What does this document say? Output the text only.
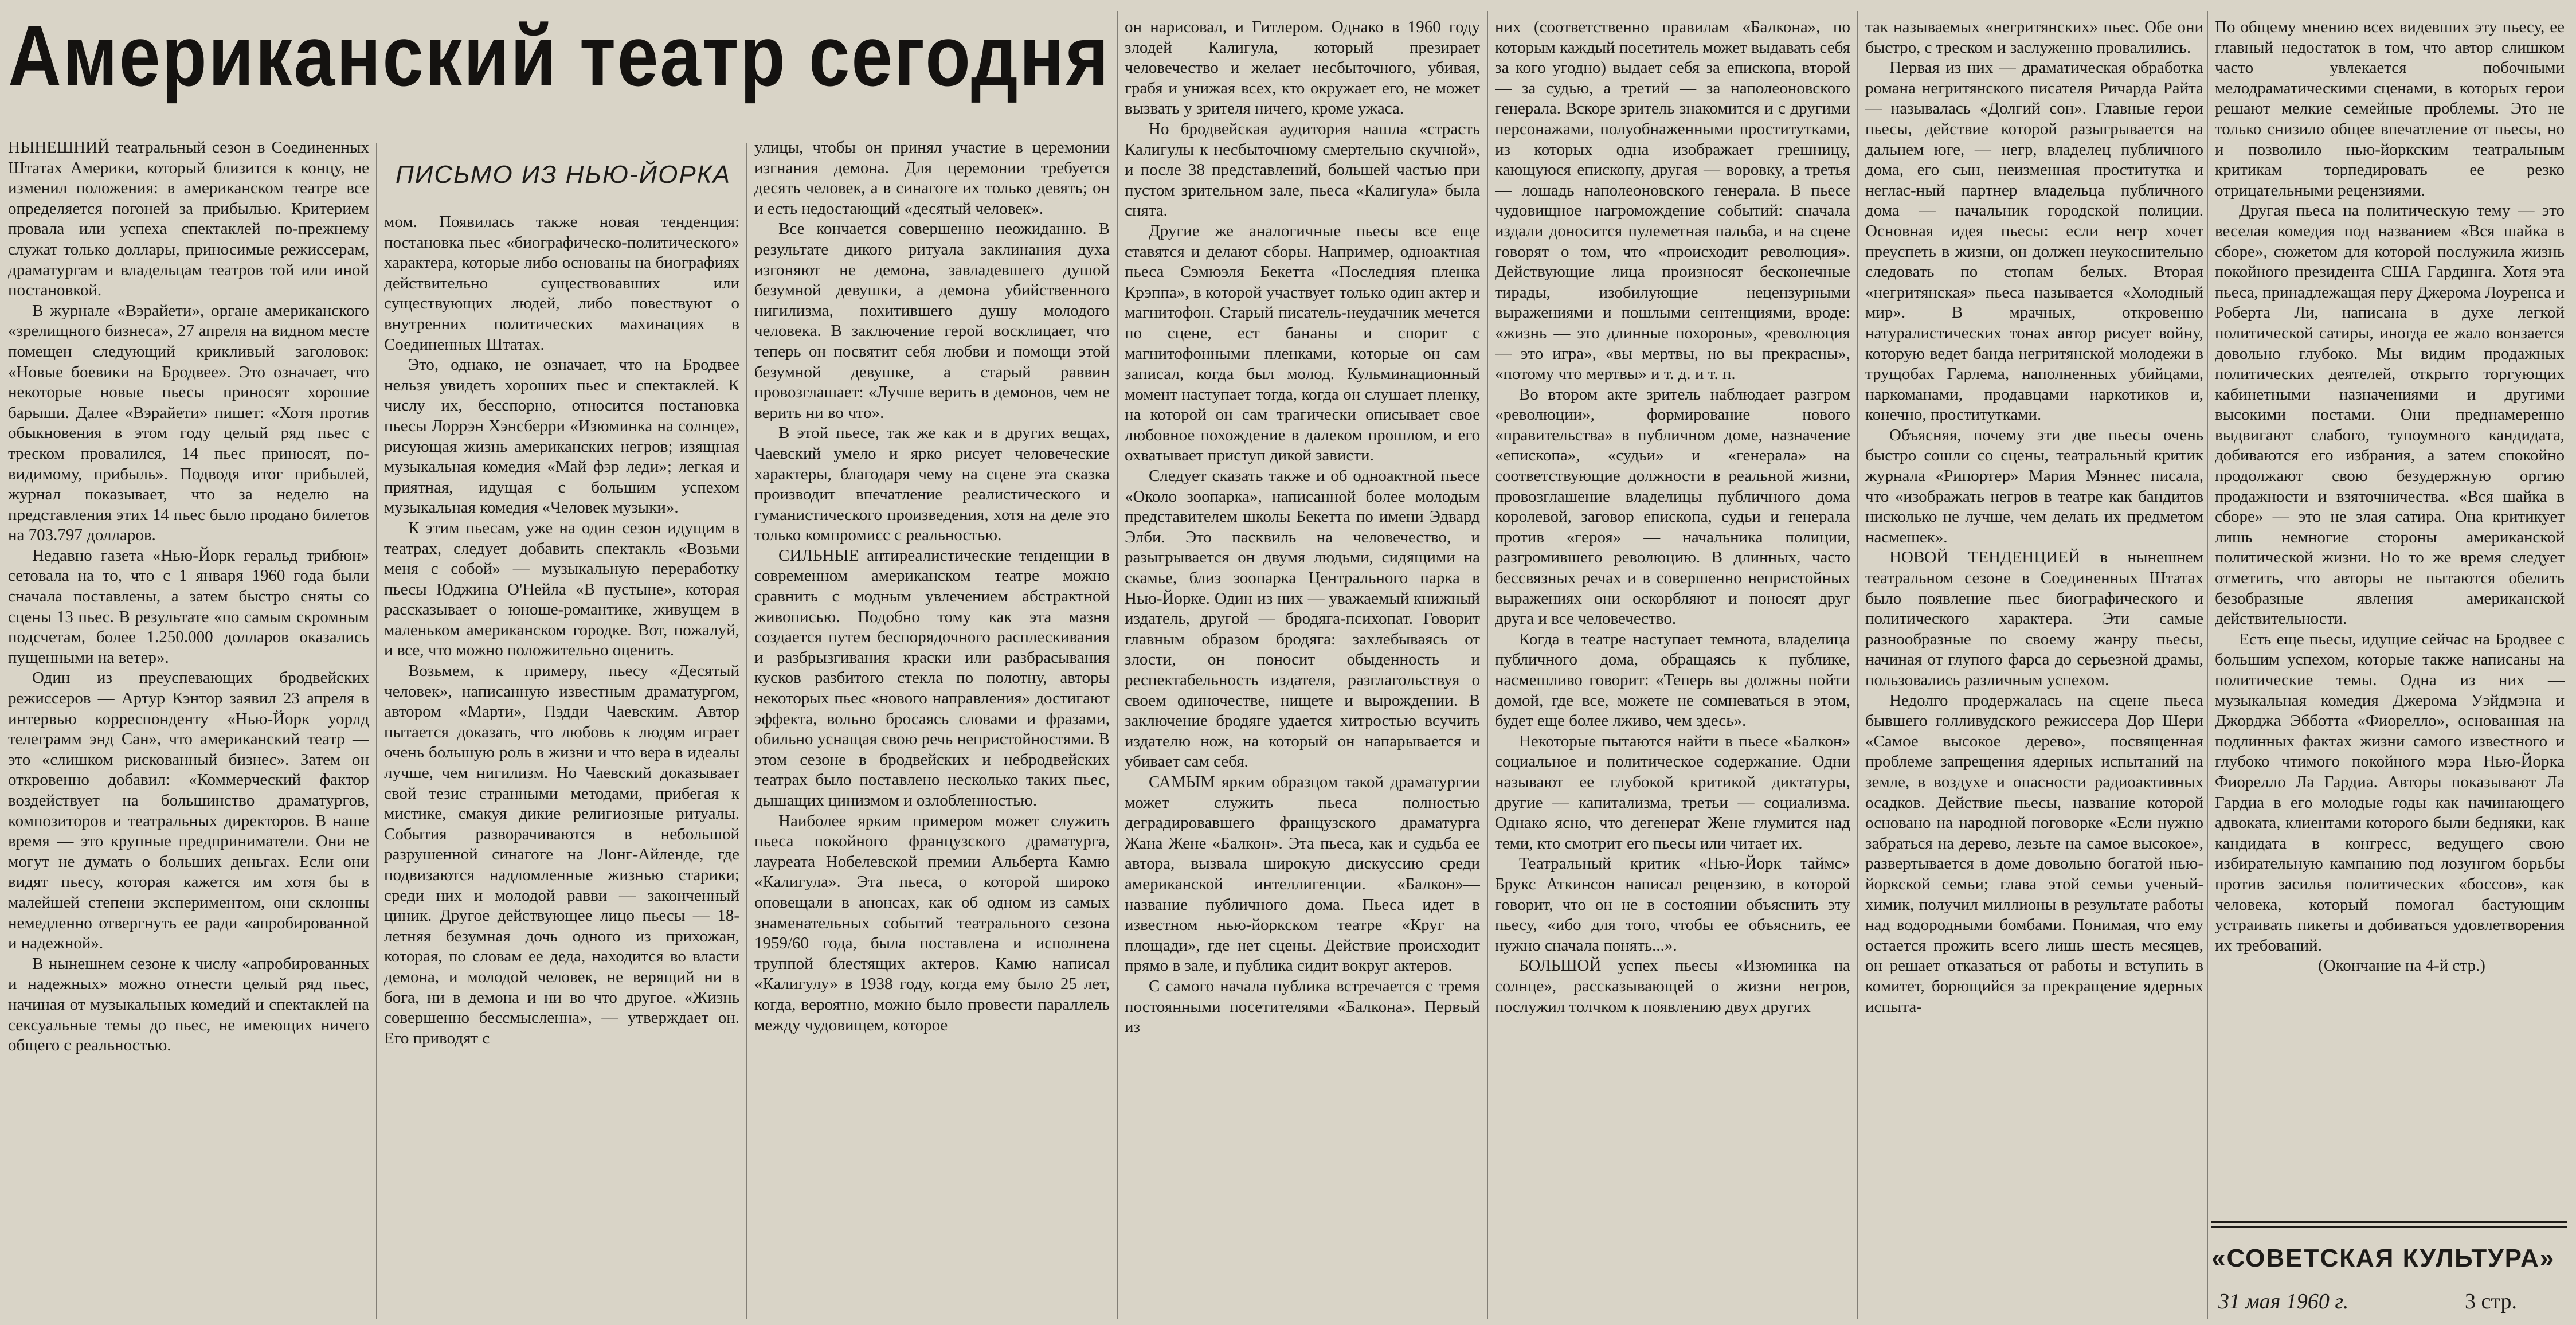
Американский театр сегодня
ПИСЬМО ИЗ НЬЮ-ЙОРКА

НЫНЕШНИЙ театральный сезон в Соединенных Штатах Америки, который близится к концу, не изменил положения: в американском театре все определяется погоней за прибылью. Критерием провала или успеха спектаклей по-прежнему служат только доллары, приносимые режиссерам, драматургам и владельцам театров той или иной постановкой.

В журнале «Вэрайети», органе американского «зрелищного бизнеса», 27 апреля на видном месте помещен следующий крикливый заголовок: «Новые боевики на Бродвее». Это означает, что некоторые новые пьесы приносят хорошие барыши. Далее «Вэрайети» пишет: «Хотя против обыкновения в этом году целый ряд пьес с треском провалился, 14 пьес приносят, по-видимому, прибыль». Подводя итог прибылей, журнал показывает, что за неделю на представления этих 14 пьес было продано билетов на 703.797 долларов.

Недавно газета «Нью-Йорк геральд трибюн» сетовала на то, что с 1 января 1960 года были сначала поставлены, а затем быстро сняты со сцены 13 пьес. В результате «по самым скромным подсчетам, более 1.250.000 долларов оказались пущенными на ветер».

Один из преуспевающих бродвейских режиссеров — Артур Кэнтор заявил 23 апреля в интервью корреспонденту «Нью-Йорк уорлд телеграмм энд Сан», что американский театр — это «слишком рискованный бизнес». Затем он откровенно добавил: «Коммерческий фактор воздействует на большинство драматургов, композиторов и театральных директоров. В наше время — это крупные предприниматели. Они не могут не думать о больших деньгах. Если они видят пьесу, которая кажется им хотя бы в малейшей степени экспериментом, они склонны немедленно отвергнуть ее ради «апробированной и надежной».

В нынешнем сезоне к числу «апробированных и надежных» можно отнести целый ряд пьес, начиная от музыкальных комедий и спектаклей на сексуальные темы до пьес, не имеющих ничего общего с реальностью.

мом. Появилась также новая тенденция: постановка пьес «биографическо-политического» характера, которые либо основаны на биографиях действительно существовавших или существующих людей, либо повествуют о внутренних политических махинациях в Соединенных Штатах.

Это, однако, не означает, что на Бродвее нельзя увидеть хороших пьес и спектаклей. К числу их, бесспорно, относится постановка пьесы Лоррэн Хэнсберри «Изюминка на солнце», рисующая жизнь американских негров; изящная музыкальная комедия «Май фэр леди»; легкая и приятная, идущая с большим успехом музыкальная комедия «Человек музыки».

К этим пьесам, уже на один сезон идущим в театрах, следует добавить спектакль «Возьми меня с собой» — музыкальную переработку пьесы Юджина О'Нейла «В пустыне», которая рассказывает о юноше-романтике, живущем в маленьком американском городке. Вот, пожалуй, и все, что можно положительно оценить.

Возьмем, к примеру, пьесу «Десятый человек», написанную известным драматургом, автором «Марти», Пэдди Чаевским. Автор пытается доказать, что любовь к людям играет очень большую роль в жизни и что вера в идеалы лучше, чем нигилизм. Но Чаевский доказывает свой тезис странными методами, прибегая к мистике, смакуя дикие религиозные ритуалы. События разворачиваются в небольшой разрушенной синагоге на Лонг-Айленде, где подвизаются надломленные жизнью старики; среди них и молодой равви — законченный циник. Другое действующее лицо пьесы — 18-летняя безумная дочь одного из прихожан, которая, по словам ее деда, находится во власти демона, и молодой человек, не верящий ни в бога, ни в демона и ни во что другое. «Жизнь совершенно бессмысленна», — утверждает он. Его приводят с

улицы, чтобы он принял участие в церемонии изгнания демона. Для церемонии требуется десять человек, а в синагоге их только девять; он и есть недостающий «десятый человек».

Все кончается совершенно неожиданно. В результате дикого ритуала заклинания духа изгоняют не демона, завладевшего душой безумной девушки, а демона убийственного нигилизма, похитившего душу молодого человека. В заключение герой восклицает, что теперь он посвятит себя любви и помощи этой безумной девушке, а старый раввин провозглашает: «Лучше верить в демонов, чем не верить ни во что».

В этой пьесе, так же как и в других вещах, Чаевский умело и ярко рисует человеческие характеры, благодаря чему на сцене эта сказка производит впечатление реалистического и гуманистического произведения, хотя на деле это только компромисс с реальностью.

СИЛЬНЫЕ антиреалистические тенденции в современном американском театре можно сравнить с модным увлечением абстрактной живописью. Подобно тому как эта мазня создается путем беспорядочного расплескивания и разбрызгивания краски или разбрасывания кусков разбитого стекла по полотну, авторы некоторых пьес «нового направления» достигают эффекта, вольно бросаясь словами и фразами, обильно уснащая свою речь непристойностями. В этом сезоне в бродвейских и небродвейских театрах было поставлено несколько таких пьес, дышащих цинизмом и озлобленностью.

Наиболее ярким примером может служить пьеса покойного французского драматурга, лауреата Нобелевской премии Альберта Камю «Калигула». Эта пьеса, о которой широко оповещали в анонсах, как об одном из самых знаменательных событий театрального сезона 1959/60 года, была поставлена и исполнена труппой блестящих актеров. Камю написал «Калигулу» в 1938 году, когда ему было 25 лет, когда, вероятно, можно было провести параллель между чудовищем, которое

он нарисовал, и Гитлером. Однако в 1960 году злодей Калигула, который презирает человечество и желает несбыточного, убивая, грабя и унижая всех, кто окружает его, не может вызвать у зрителя ничего, кроме ужаса.

Но бродвейская аудитория нашла «страсть Калигулы к несбыточному смертельно скучной», и после 38 представлений, большей частью при пустом зрительном зале, пьеса «Калигула» была снята.

Другие же аналогичные пьесы все еще ставятся и делают сборы. Например, одноактная пьеса Сэмюэля Бекетта «Последняя пленка Крэппа», в которой участвует только один актер и магнитофон. Старый писатель-неудачник мечется по сцене, ест бананы и спорит с магнитофонными пленками, которые он сам записал, когда был молод. Кульминационный момент наступает тогда, когда он слушает пленку, на которой он сам трагически описывает свое любовное похождение в далеком прошлом, и его охватывает приступ дикой зависти.

Следует сказать также и об одноактной пьесе «Около зоопарка», написанной более молодым представителем школы Бекетта по имени Эдвард Элби. Это пасквиль на человечество, и разыгрывается он двумя людьми, сидящими на скамье, близ зоопарка Центрального парка в Нью-Йорке. Один из них — уважаемый книжный издатель, другой — бродяга-психопат. Говорит главным образом бродяга: захлебываясь от злости, он поносит обыденность и респектабельность издателя, разглагольствуя о своем одиночестве, нищете и вырождении. В заключение бродяге удается хитростью всучить издателю нож, на который он напарывается и убивает сам себя.

САМЫМ ярким образцом такой драматургии может служить пьеса полностью деградировавшего французского драматурга Жана Жене «Балкон». Эта пьеса, как и судьба ее автора, вызвала широкую дискуссию среди американской интеллигенции. «Балкон»—название публичного дома. Пьеса идет в известном нью-йоркском театре «Круг на площади», где нет сцены. Действие происходит прямо в зале, и публика сидит вокруг актеров.

С самого начала публика встречается с тремя постоянными посетителями «Балкона». Первый из

них (соответственно правилам «Балкона», по которым каждый посетитель может выдавать себя за кого угодно) выдает себя за епископа, второй — за судью, а третий — за наполеоновского генерала. Вскоре зритель знакомится и с другими персонажами, полуобнаженными проститутками, из которых одна изображает грешницу, кающуюся епископу, другая — воровку, а третья — лошадь наполеоновского генерала. В пьесе чудовищное нагромождение событий: сначала издали доносится пулеметная пальба, и на сцене говорят о том, что «происходит революция». Действующие лица произносят бесконечные тирады, изобилующие нецензурными выражениями и пошлыми сентенциями, вроде: «жизнь — это длинные похороны», «революция — это игра», «вы мертвы, но вы прекрасны», «потому что мертвы» и т. д. и т. п.

Во втором акте зритель наблюдает разгром «революции», формирование нового «правительства» в публичном доме, назначение «епископа», «судьи» и «генерала» на соответствующие должности в реальной жизни, провозглашение владелицы публичного дома королевой, заговор епископа, судьи и генерала против «героя» — начальника полиции, разгромившего революцию. В длинных, часто бессвязных речах и в совершенно непристойных выражениях они оскорбляют и поносят друг друга и все человечество.

Когда в театре наступает темнота, владелица публичного дома, обращаясь к публике, насмешливо говорит: «Теперь вы должны пойти домой, где все, можете не сомневаться в этом, будет еще более лживо, чем здесь».

Некоторые пытаются найти в пьесе «Балкон» социальное и политическое содержание. Одни называют ее глубокой критикой диктатуры, другие — капитализма, третьи — социализма. Однако ясно, что дегенерат Жене глумится над теми, кто смотрит его пьесы или читает их.

Театральный критик «Нью-Йорк таймс» Брукс Аткинсон написал рецензию, в которой говорит, что он не в состоянии объяснить эту пьесу, «ибо для того, чтобы ее объяснить, ее нужно сначала понять...».

БОЛЬШОЙ успех пьесы «Изюминка на солнце», рассказывающей о жизни негров, послужил толчком к появлению двух других

так называемых «негритянских» пьес. Обе они быстро, с треском и заслуженно провалились.

Первая из них — драматическая обработка романа негритянского писателя Ричарда Райта — называлась «Долгий сон». Главные герои пьесы, действие которой разыгрывается на дальнем юге, — негр, владелец публичного дома, его сын, неизменная проститутка и неглас-ный партнер владельца публичного дома — начальник городской полиции. Основная идея пьесы: если негр хочет преуспеть в жизни, он должен неукоснительно следовать по стопам белых. Вторая «негритянская» пьеса называется «Холодный мир». В мрачных, откровенно натуралистических тонах автор рисует войну, которую ведет банда негритянской молодежи в трущобах Гарлема, наполненных убийцами, наркоманами, продавцами наркотиков и, конечно, проститутками.

Объясняя, почему эти две пьесы очень быстро сошли со сцены, театральный критик журнала «Рипортер» Мария Мэннес писала, что «изображать негров в театре как бандитов нисколько не лучше, чем делать их предметом насмешек».

НОВОЙ ТЕНДЕНЦИЕЙ в нынешнем театральном сезоне в Соединенных Штатах было появление пьес биографического и политического характера. Эти самые разнообразные по своему жанру пьесы, начиная от глупого фарса до серьезной драмы, пользовались различным успехом.

Недолго продержалась на сцене пьеса бывшего голливудского режиссера Дор Шери «Самое высокое дерево», посвященная проблеме запрещения ядерных испытаний на земле, в воздухе и опасности радиоактивных осадков. Действие пьесы, название которой основано на народной поговорке «Если нужно забраться на дерево, лезьте на самое высокое», развертывается в доме довольно богатой нью-йоркской семьи; глава этой семьи ученый-химик, получил миллионы в результате работы над водородными бомбами. Понимая, что ему остается прожить всего лишь шесть месяцев, он решает отказаться от работы и вступить в комитет, борющийся за прекращение ядерных испыта-

По общему мнению всех видевших эту пьесу, ее главный недостаток в том, что автор слишком часто увлекается побочными мелодраматическими сценами, в которых герои решают мелкие семейные проблемы. Это не только снизило общее впечатление от пьесы, но и позволило нью-йоркским театральным критикам торпедировать ее резко отрицательными рецензиями.

Другая пьеса на политическую тему — это веселая комедия под названием «Вся шайка в сборе», сюжетом для которой послужила жизнь покойного президента США Гардинга. Хотя эта пьеса, принадлежащая перу Джерома Лоуренса и Роберта Ли, написана в духе легкой политической сатиры, иногда ее жало вонзается довольно глубоко. Мы видим продажных политических деятелей, открыто торгующих кабинетными назначениями и другими высокими постами. Они преднамеренно выдвигают слабого, тупоумного кандидата, добиваются его избрания, а затем спокойно продолжают свою безудержную оргию продажности и взяточничества. «Вся шайка в сборе» — это не злая сатира. Она критикует лишь немногие стороны американской политической жизни. Но то же время следует отметить, что авторы не пытаются обелить безобразные явления американской действительности.

Есть еще пьесы, идущие сейчас на Бродвее с большим успехом, которые также написаны на политические темы. Одна из них — музыкальная комедия Джерома Уэйдмэна и Джорджа Эбботта «Фиорелло», основанная на подлинных фактах жизни самого известного и глубоко чтимого покойного мэра Нью-Йорка Фиорелло Ла Гардиа. Авторы показывают Ла Гардиа в его молодые годы как начинающего адвоката, клиентами которого были бедняки, как кандидата в конгресс, ведущего свою избирательную кампанию под лозунгом борьбы против засилья политических «боссов», как человека, который помогал бастующим устраивать пикеты и добиваться удовлетворения их требований.

(Окончание на 4-й стр.)

«СОВЕТСКАЯ КУЛЬТУРА»
31 мая 1960 г.	3 стр.
